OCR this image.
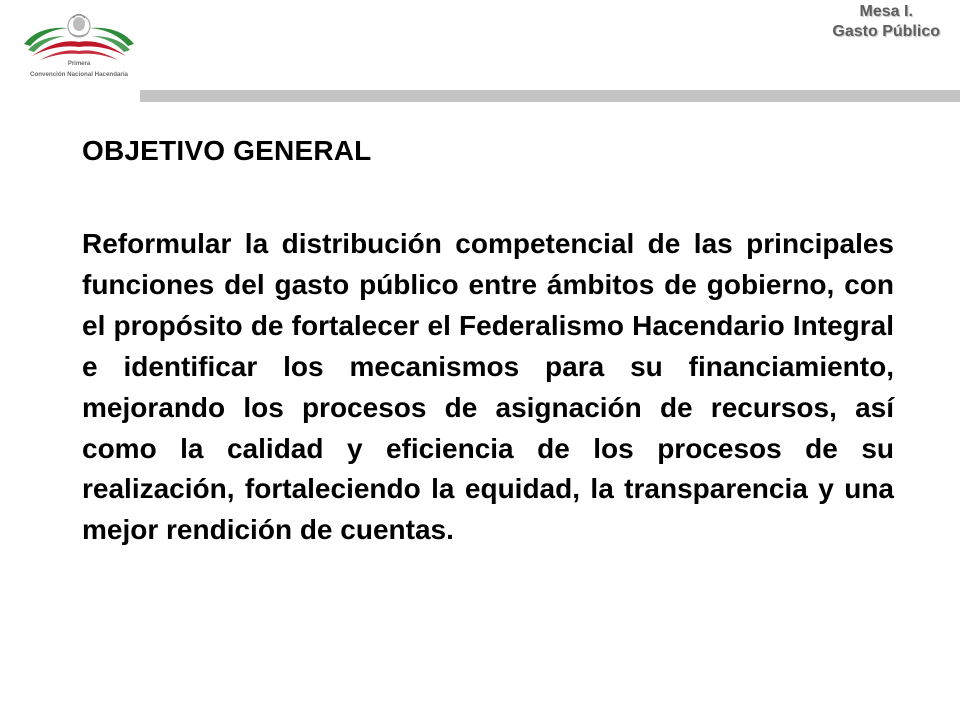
Primera
Convención Nacional Hacendaria
Mesa I.
Gasto Público
OBJETIVO GENERAL

Reformular la distribución competencial de las principales funciones del gasto público entre ámbitos de gobierno, con el propósito de fortalecer el Federalismo Hacendario Integral e identificar los mecanismos para su financiamiento, mejorando los procesos de asignación de recursos, así como la calidad y eficiencia de los procesos de su realización, fortaleciendo la equidad, la transparencia y una mejor rendición de cuentas.
